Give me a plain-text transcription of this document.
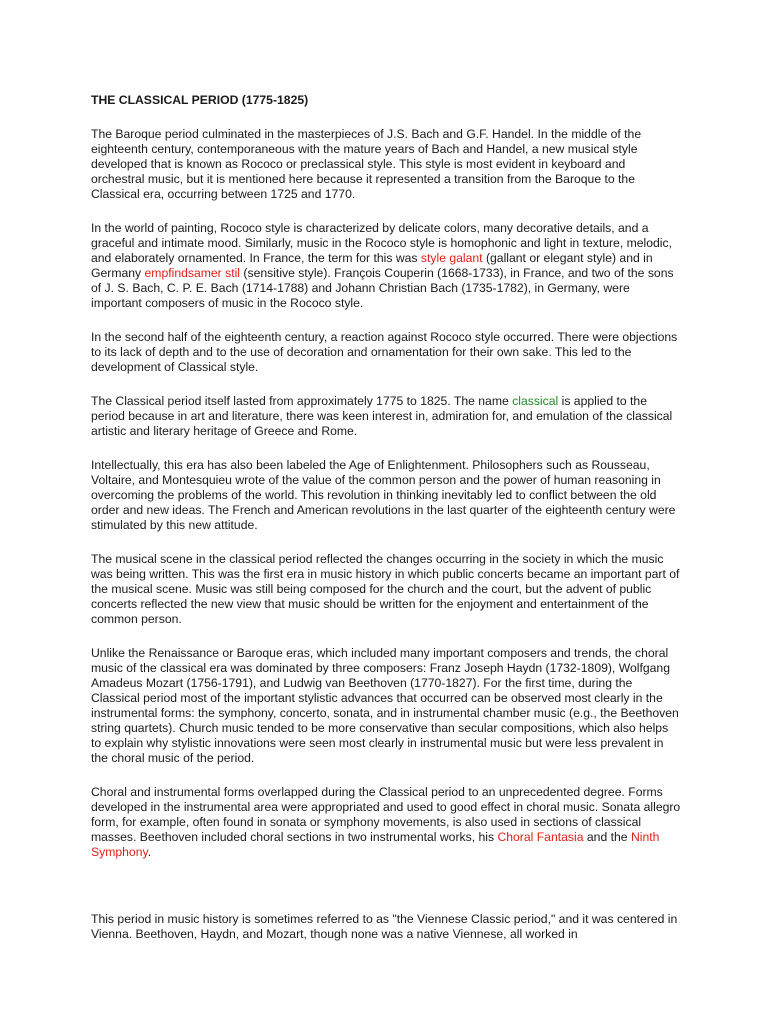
THE CLASSICAL PERIOD (1775-1825)
The Baroque period culminated in the masterpieces of J.S. Bach and G.F. Handel. In the middle of the eighteenth century, contemporaneous with the mature years of Bach and Handel, a new musical style developed that is known as Rococo or preclassical style. This style is most evident in keyboard and orchestral music, but it is mentioned here because it represented a transition from the Baroque to the Classical era, occurring between 1725 and 1770.
In the world of painting, Rococo style is characterized by delicate colors, many decorative details, and a graceful and intimate mood. Similarly, music in the Rococo style is homophonic and light in texture, melodic, and elaborately ornamented. In France, the term for this was style galant (gallant or elegant style) and in Germany empfindsamer stil (sensitive style). François Couperin (1668-1733), in France, and two of the sons of J. S. Bach, C. P. E. Bach (1714-1788) and Johann Christian Bach (1735-1782), in Germany, were important composers of music in the Rococo style.
In the second half of the eighteenth century, a reaction against Rococo style occurred. There were objections to its lack of depth and to the use of decoration and ornamentation for their own sake. This led to the development of Classical style.
The Classical period itself lasted from approximately 1775 to 1825. The name classical is applied to the period because in art and literature, there was keen interest in, admiration for, and emulation of the classical artistic and literary heritage of Greece and Rome.
Intellectually, this era has also been labeled the Age of Enlightenment. Philosophers such as Rousseau, Voltaire, and Montesquieu wrote of the value of the common person and the power of human reasoning in overcoming the problems of the world. This revolution in thinking inevitably led to conflict between the old order and new ideas. The French and American revolutions in the last quarter of the eighteenth century were stimulated by this new attitude.
The musical scene in the classical period reflected the changes occurring in the society in which the music was being written. This was the first era in music history in which public concerts became an important part of the musical scene. Music was still being composed for the church and the court, but the advent of public concerts reflected the new view that music should be written for the enjoyment and entertainment of the common person.
Unlike the Renaissance or Baroque eras, which included many important composers and trends, the choral music of the classical era was dominated by three composers: Franz Joseph Haydn (1732-1809), Wolfgang Amadeus Mozart (1756-1791), and Ludwig van Beethoven (1770-1827). For the first time, during the Classical period most of the important stylistic advances that occurred can be observed most clearly in the instrumental forms: the symphony, concerto, sonata, and in instrumental chamber music (e.g., the Beethoven string quartets). Church music tended to be more conservative than secular compositions, which also helps to explain why stylistic innovations were seen most clearly in instrumental music but were less prevalent in the choral music of the period.
Choral and instrumental forms overlapped during the Classical period to an unprecedented degree. Forms developed in the instrumental area were appropriated and used to good effect in choral music. Sonata allegro form, for example, often found in sonata or symphony movements, is also used in sections of classical masses. Beethoven included choral sections in two instrumental works, his Choral Fantasia and the Ninth Symphony.
This period in music history is sometimes referred to as "the Viennese Classic period," and it was centered in Vienna. Beethoven, Haydn, and Mozart, though none was a native Viennese, all worked in
